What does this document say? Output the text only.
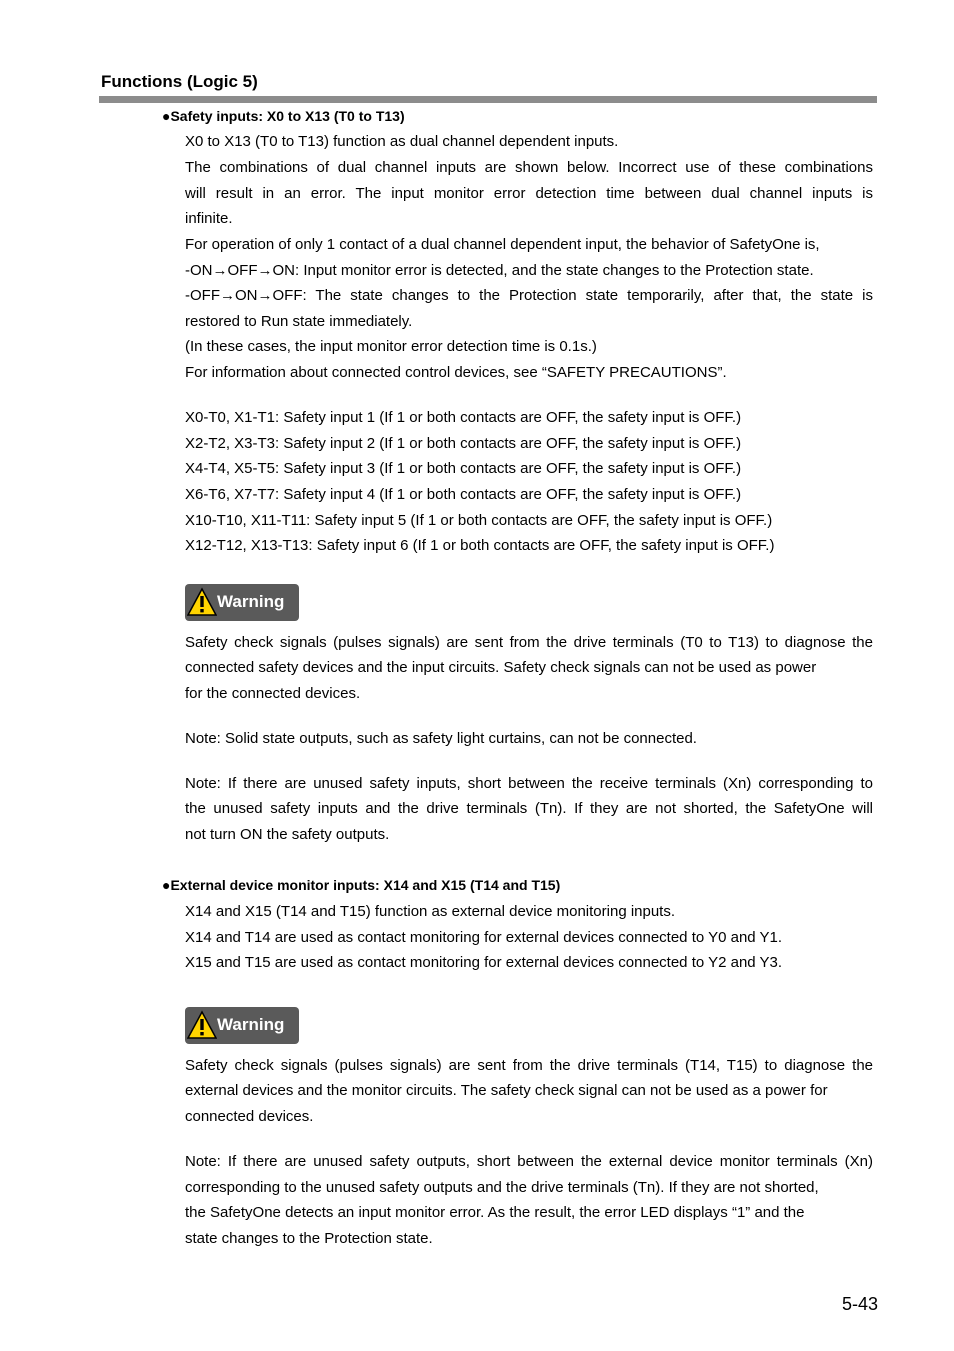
Functions (Logic 5)
●Safety inputs: X0 to X13 (T0 to T13)
X0 to X13 (T0 to T13) function as dual channel dependent inputs.
The combinations of dual channel inputs are shown below. Incorrect use of these combinations
will result in an error. The input monitor error detection time between dual channel inputs is
infinite.
For operation of only 1 contact of a dual channel dependent input, the behavior of SafetyOne is,
-ON→OFF→ON: Input monitor error is detected, and the state changes to the Protection state.
-OFF→ON→OFF: The state changes to the Protection state temporarily, after that, the state is
restored to Run state immediately.
(In these cases, the input monitor error detection time is 0.1s.)
For information about connected control devices, see “SAFETY PRECAUTIONS”.
X0-T0, X1-T1: Safety input 1 (If 1 or both contacts are OFF, the safety input is OFF.)
X2-T2, X3-T3: Safety input 2 (If 1 or both contacts are OFF, the safety input is OFF.)
X4-T4, X5-T5: Safety input 3 (If 1 or both contacts are OFF, the safety input is OFF.)
X6-T6, X7-T7: Safety input 4 (If 1 or both contacts are OFF, the safety input is OFF.)
X10-T10, X11-T11: Safety input 5 (If 1 or both contacts are OFF, the safety input is OFF.)
X12-T12, X13-T13: Safety input 6 (If 1 or both contacts are OFF, the safety input is OFF.)
Warning
Safety check signals (pulses signals) are sent from the drive terminals (T0 to T13) to diagnose the
connected safety devices and the input circuits. Safety check signals can not be used as power
for the connected devices.
Note: Solid state outputs, such as safety light curtains, can not be connected.
Note: If there are unused safety inputs, short between the receive terminals (Xn) corresponding to
the unused safety inputs and the drive terminals (Tn). If they are not shorted, the SafetyOne will
not turn ON the safety outputs.
●External device monitor inputs: X14 and X15 (T14 and T15)
X14 and X15 (T14 and T15) function as external device monitoring inputs.
X14 and T14 are used as contact monitoring for external devices connected to Y0 and Y1.
X15 and T15 are used as contact monitoring for external devices connected to Y2 and Y3.
Warning
Safety check signals (pulses signals) are sent from the drive terminals (T14, T15) to diagnose the
external devices and the monitor circuits. The safety check signal can not be used as a power for
connected devices.
Note: If there are unused safety outputs, short between the external device monitor terminals (Xn)
corresponding to the unused safety outputs and the drive terminals (Tn). If they are not shorted,
the SafetyOne detects an input monitor error. As the result, the error LED displays “1” and the
state changes to the Protection state.
5-43
